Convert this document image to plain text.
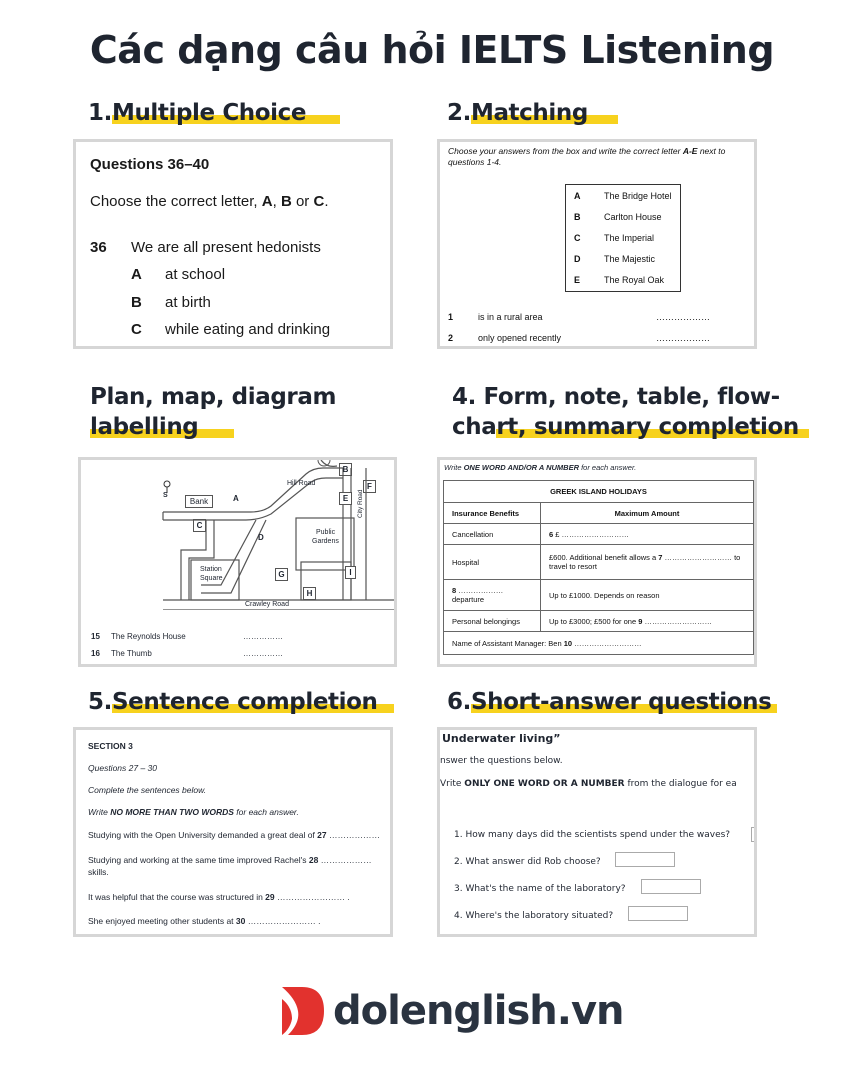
Các dạng câu hỏi IELTS Listening
1.Multiple Choice	2.Matching
Plan, map, diagram
labelling
4. Form, note, table, flow-
chart, summary completion
5.Sentence completion	6.Short-answer questions
Questions 36–40
Choose the correct letter, A, B or C.
36 We are all present hedonists
A at school
B at birth
C while eating and drinking
Choose your answers from the box and write the correct letter A-E next to
questions 1-4.
A	The Bridge Hotel
B	Carlton House
C	The Imperial
D	The Majestic
E	The Royal Oak
1	is in a rural area	………………
2	only opened recently	………………
S
Bank	A
Hill Road
B
F
E	City Road
C
D
Public
Gardens
Station
Square	G	I
H
Crawley Road
15 The Reynolds House	……………
16 The Thumb	……………
Write ONE WORD AND/OR A NUMBER for each answer.
GREEK ISLAND HOLIDAYS	
Insurance Benefits	Maximum Amount
Cancellation	6 £ ………………………
Hospital	£600. Additional benefit allows a 7 ……………………… to
travel to resort
8 ………………
departure	Up to £1000. Depends on reason
Personal belongings	Up to £3000; £500 for one 9 ………………………
Name of Assistant Manager: Ben 10 ………………………	
SECTION 3
Questions 27 – 30
Complete the sentences below.
Write NO MORE THAN TWO WORDS for each answer.
Studying with the Open University demanded a great deal of 27 ………………
Studying and working at the same time improved Rachel's 28 ………………
skills.
It was helpful that the course was structured in 29 …………………… .
She enjoyed meeting other students at 30 …………………… .
Underwater living”
nswer the questions below.
Vrite ONLY ONE WORD OR A NUMBER from the dialogue for ea
1. How many days did the scientists spend under the waves?
2. What answer did Rob choose?
3. What's the name of the laboratory?
4. Where's the laboratory situated?
dolenglish.vn
